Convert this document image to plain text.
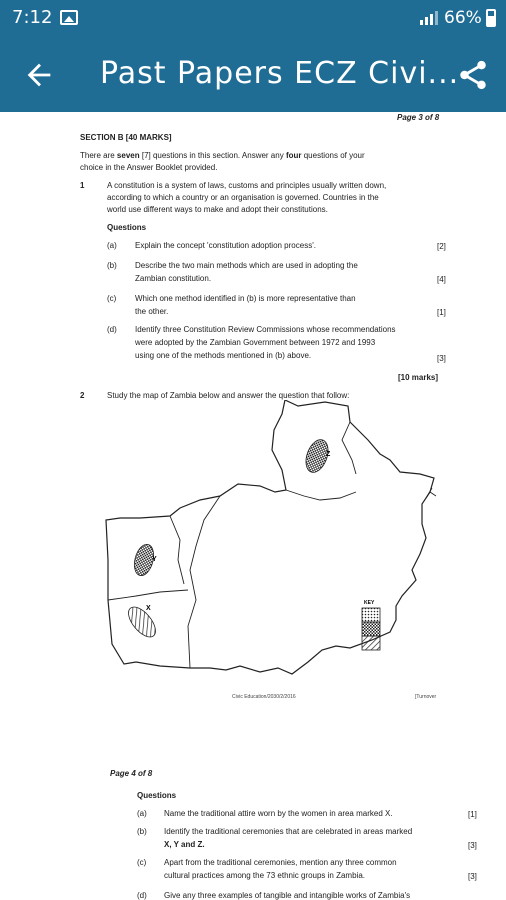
7:12	66%
Past Papers ECZ Civi...
Page 3 of 8
SECTION B [40 MARKS]
There are seven [7] questions in this section. Answer any four questions of your
choice in the Answer Booklet provided.
1	A constitution is a system of laws, customs and principles usually written down,
according to which a country or an organisation is governed. Countries in the
world use different ways to make and adopt their constitutions.
Questions
(a) Explain the concept 'constitution adoption process'.	[2]
(b) Describe the two main methods which are used in adopting the
Zambian constitution.	[4]
(c) Which one method identified in (b) is more representative than
the other.	[1]
(d) Identify three Constitution Review Commissions whose recommendations
were adopted by the Zambian Government between 1972 and 1993
using one of the methods mentioned in (b) above.	[3]
[10 marks]
2	Study the map of Zambia below and answer the question that follow:
Z
Y
X
KEY
Civic Education/2030/2/2016	[Turnover
Page 4 of 8
Questions
(a) Name the traditional attire worn by the women in area marked X.	[1]
(b) Identify the traditional ceremonies that are celebrated in areas marked
X, Y and Z.	[3]
(c) Apart from the traditional ceremonies, mention any three common
cultural practices among the 73 ethnic groups in Zambia.	[3]
(d) Give any three examples of tangible and intangible works of Zambia's
